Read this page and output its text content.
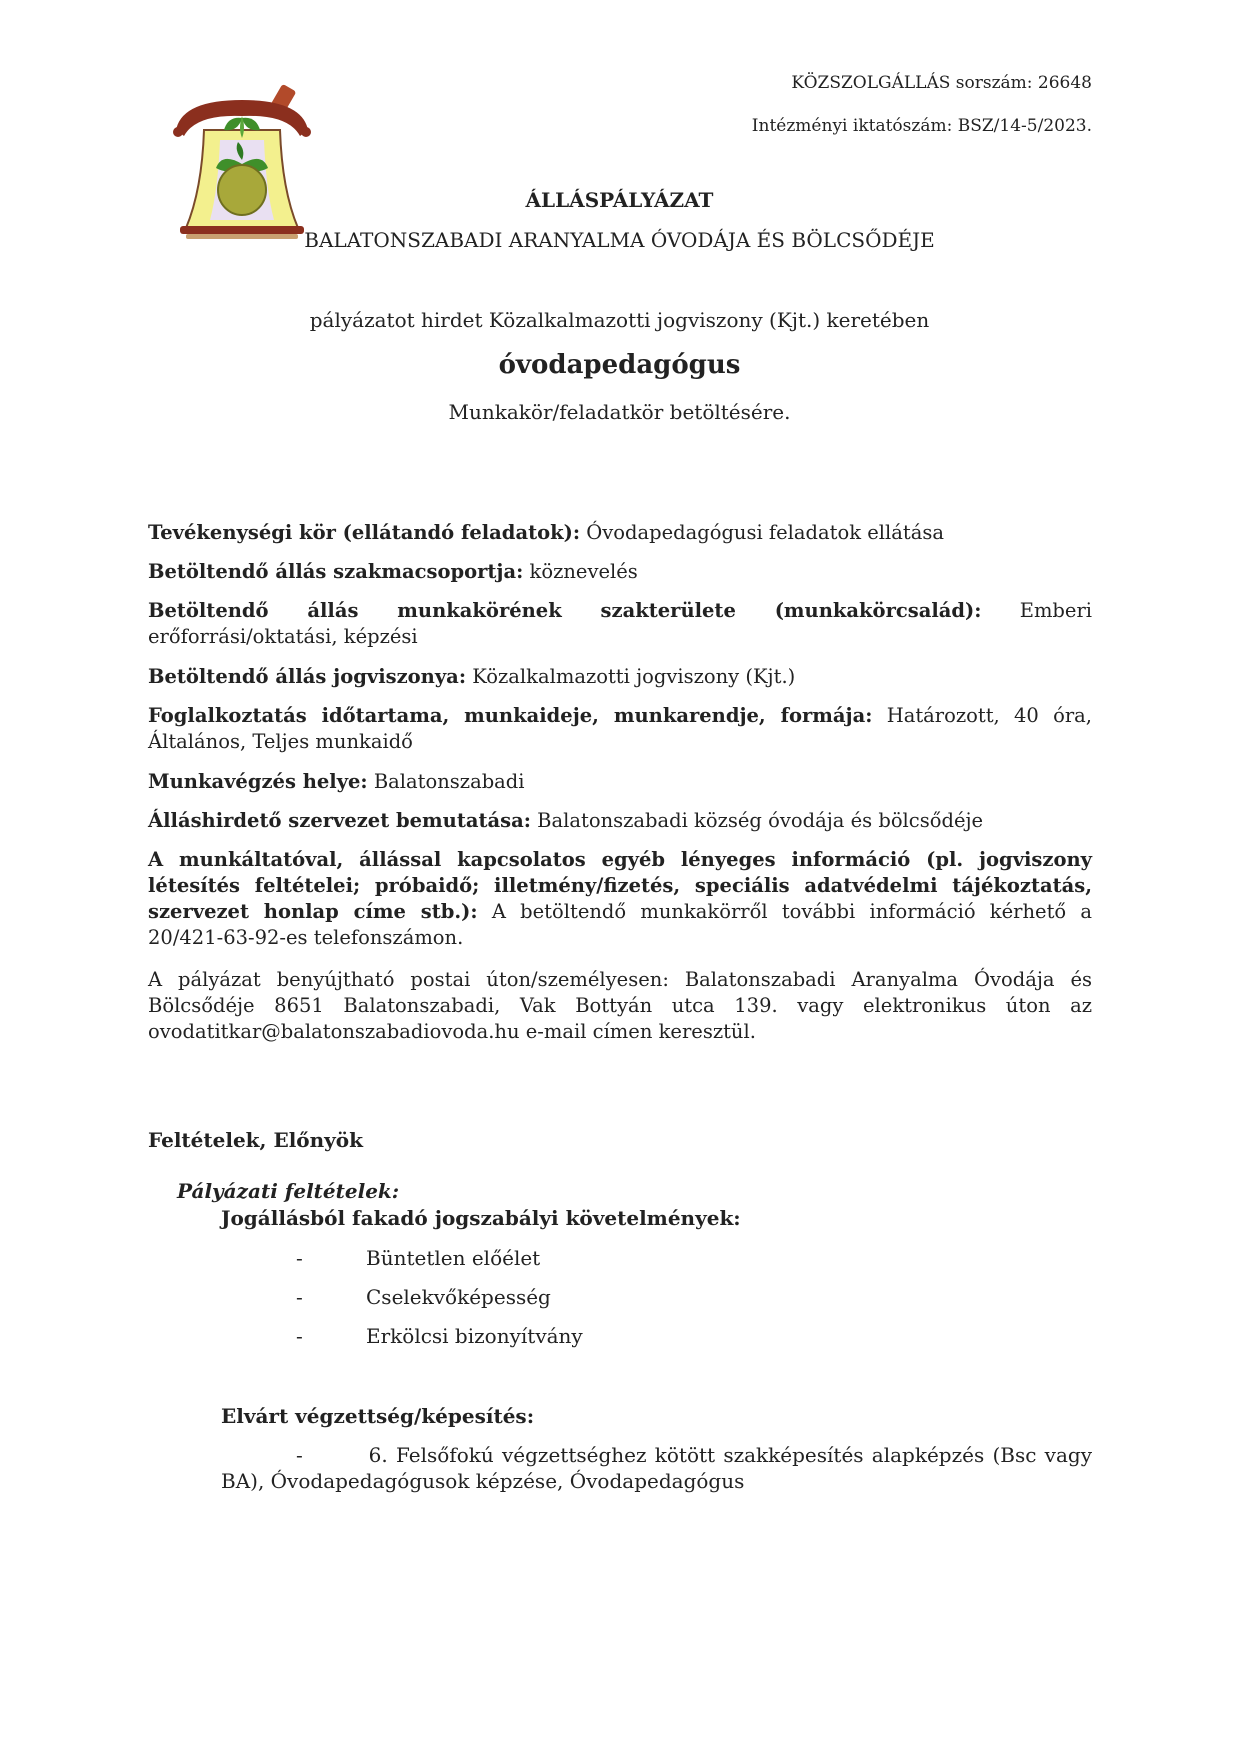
KÖZSZOLGÁLLÁS sorszám: 26648
Intézményi iktatószám: BSZ/14-5/2023.
ÁLLÁSPÁLYÁZAT
BALATONSZABADI ARANYALMA ÓVODÁJA ÉS BÖLCSŐDÉJE
pályázatot hirdet Közalkalmazotti jogviszony (Kjt.) keretében
óvodapedagógus
Munkakör/feladatkör betöltésére.
Tevékenységi kör (ellátandó feladatok): Óvodapedagógusi feladatok ellátása
Betöltendő állás szakmacsoportja: köznevelés
Betöltendő állás munkakörének szakterülete (munkakörcsalád): Emberi erőforrási/oktatási, képzési
Betöltendő állás jogviszonya: Közalkalmazotti jogviszony (Kjt.)
Foglalkoztatás időtartama, munkaideje, munkarendje, formája: Határozott, 40 óra, Általános, Teljes munkaidő
Munkavégzés helye: Balatonszabadi
Álláshirdető szervezet bemutatása: Balatonszabadi község óvodája és bölcsődéje
A munkáltatóval, állással kapcsolatos egyéb lényeges információ (pl. jogviszony létesítés feltételei; próbaidő; illetmény/fizetés, speciális adatvédelmi tájékoztatás, szervezet honlap címe stb.): A betöltendő munkakörről további információ kérhető a 20/421-63-92-es telefonszámon.
A pályázat benyújtható postai úton/személyesen: Balatonszabadi Aranyalma Óvodája és Bölcsődéje 8651 Balatonszabadi, Vak Bottyán utca 139. vagy elektronikus úton az ovodatitkar@balatonszabadiovoda.hu e-mail címen keresztül.
Feltételek, Előnyök
Pályázati feltételek:
Jogállásból fakadó jogszabályi követelmények:
-	Büntetlen előélet
-	Cselekvőképesség
-	Erkölcsi bizonyítvány
Elvárt végzettség/képesítés:
-	6. Felsőfokú végzettséghez kötött szakképesítés alapképzés (Bsc vagy BA), Óvodapedagógusok képzése, Óvodapedagógus
